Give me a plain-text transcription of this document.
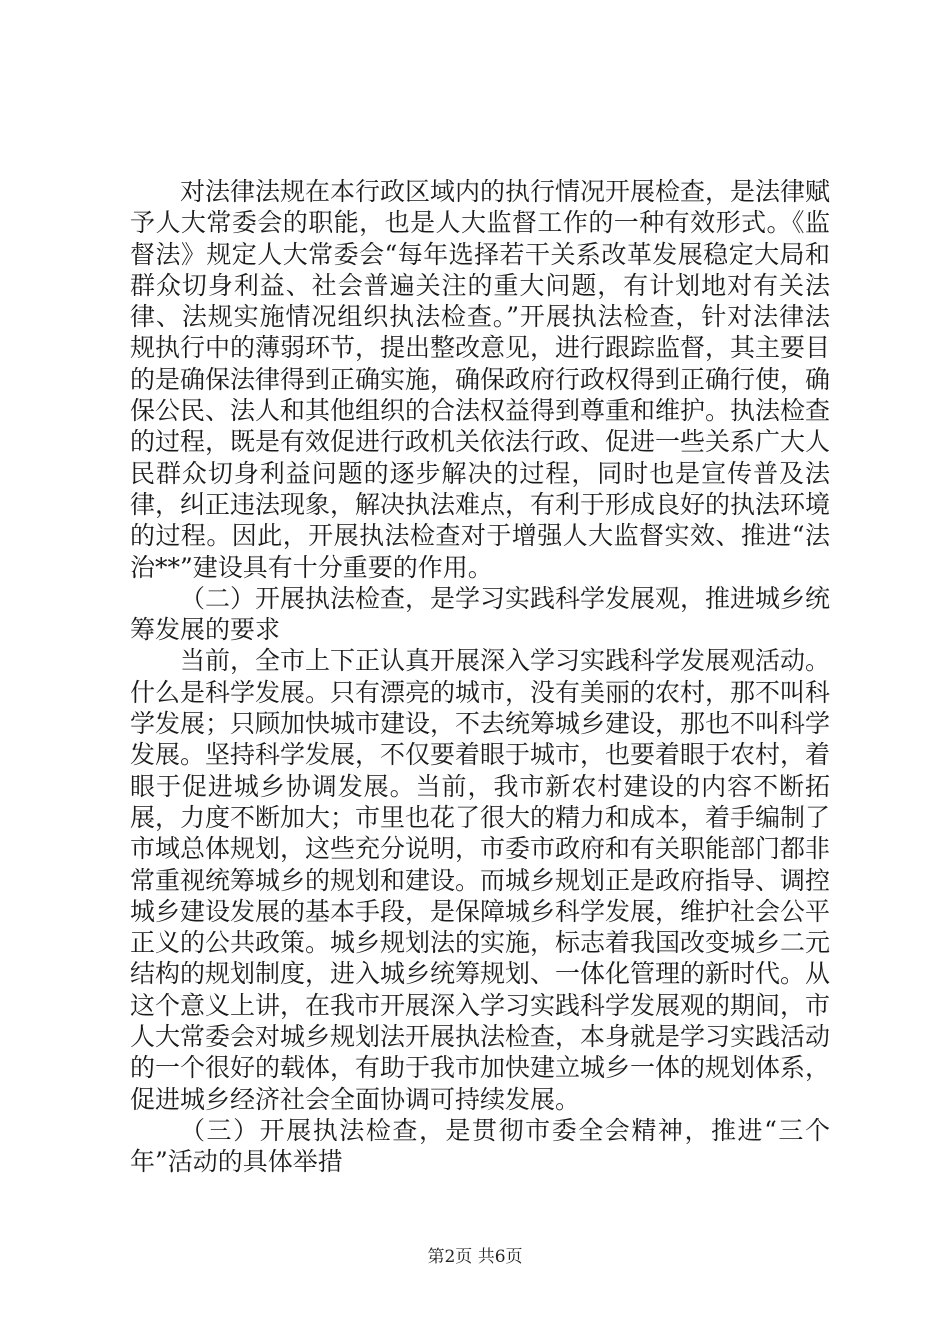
对法律法规在本行政区域内的执行情况开展检查，是法律赋予人大常委会的职能，也是人大监督工作的一种有效形式。《监督法》规定人大常委会“每年选择若干关系改革发展稳定大局和群众切身利益、社会普遍关注的重大问题，有计划地对有关法律、法规实施情况组织执法检查。”开展执法检查，针对法律法规执行中的薄弱环节，提出整改意见，进行跟踪监督，其主要目的是确保法律得到正确实施，确保政府行政权得到正确行使，确保公民、法人和其他组织的合法权益得到尊重和维护。执法检查的过程，既是有效促进行政机关依法行政、促进一些关系广大人民群众切身利益问题的逐步解决的过程，同时也是宣传普及法律，纠正违法现象，解决执法难点，有利于形成良好的执法环境的过程。因此，开展执法检查对于增强人大监督实效、推进“法治**”建设具有十分重要的作用。

（二）开展执法检查，是学习实践科学发展观，推进城乡统筹发展的要求

当前，全市上下正认真开展深入学习实践科学发展观活动。什么是科学发展。只有漂亮的城市，没有美丽的农村，那不叫科学发展；只顾加快城市建设，不去统筹城乡建设，那也不叫科学发展。坚持科学发展，不仅要着眼于城市，也要着眼于农村，着眼于促进城乡协调发展。当前，我市新农村建设的内容不断拓展，力度不断加大；市里也花了很大的精力和成本，着手编制了市域总体规划，这些充分说明，市委市政府和有关职能部门都非常重视统筹城乡的规划和建设。而城乡规划正是政府指导、调控城乡建设发展的基本手段，是保障城乡科学发展，维护社会公平正义的公共政策。城乡规划法的实施，标志着我国改变城乡二元结构的规划制度，进入城乡统筹规划、一体化管理的新时代。从这个意义上讲，在我市开展深入学习实践科学发展观的期间，市人大常委会对城乡规划法开展执法检查，本身就是学习实践活动的一个很好的载体，有助于我市加快建立城乡一体的规划体系，促进城乡经济社会全面协调可持续发展。

（三）开展执法检查，是贯彻市委全会精神，推进“三个年”活动的具体举措

第2页 共6页
